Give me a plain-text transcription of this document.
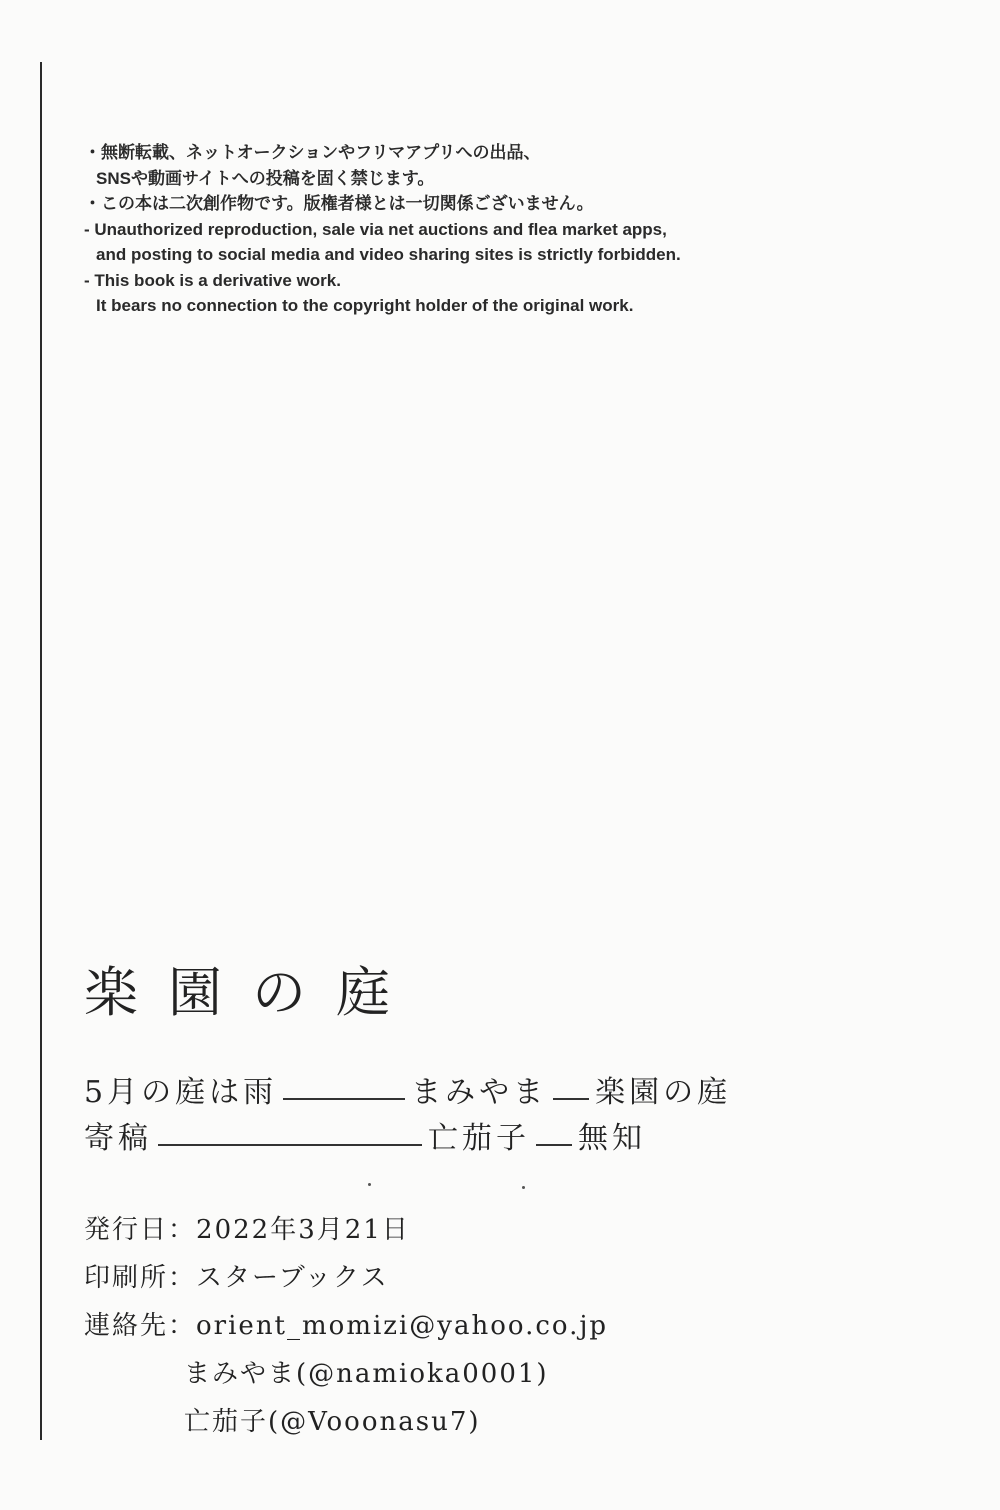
・無断転載、ネットオークションやフリマアプリへの出品、
SNSや動画サイトへの投稿を固く禁じます。
・この本は二次創作物です。版権者様とは一切関係ございません。
- Unauthorized reproduction, sale via net auctions and flea market apps,
and posting to social media and video sharing sites is strictly forbidden.
- This book is a derivative work.
It bears no connection to the copyright holder of the original work.
楽園の庭
5月の庭は雨	まみやま 楽園の庭
寄稿	亡茄子 無知
発行日：2022年3月21日
印刷所：スターブックス
連絡先：orient_momizi@yahoo.co.jp
まみやま(@namioka0001)
亡茄子(@Vooonasu7)
